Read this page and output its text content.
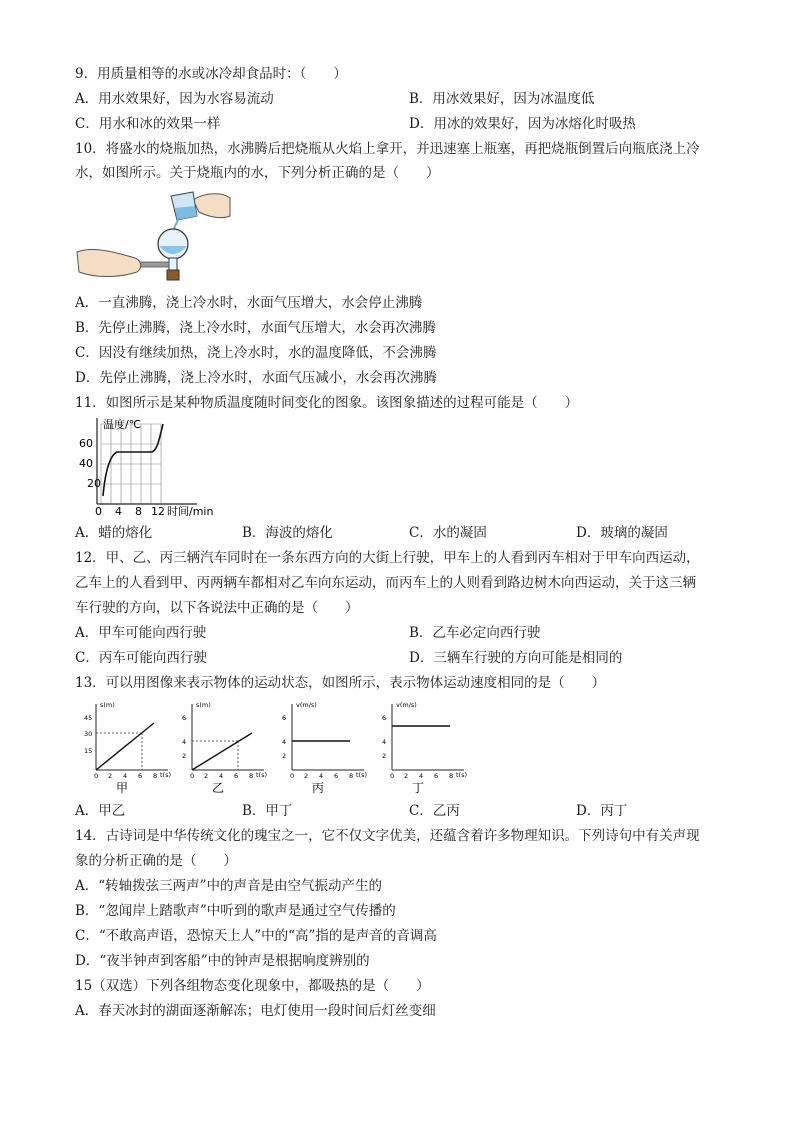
9．用质量相等的水或冰冷却食品时：（　　）
A．用水效果好，因为水容易流动	B．用冰效果好，因为冰温度低
C．用水和冰的效果一样	D．用冰的效果好，因为冰熔化时吸热
10．将盛水的烧瓶加热，水沸腾后把烧瓶从火焰上拿开，并迅速塞上瓶塞，再把烧瓶倒置后向瓶底浇上冷
水，如图所示。关于烧瓶内的水，下列分析正确的是（　　）
A．一直沸腾，浇上冷水时，水面气压增大，水会停止沸腾
B．先停止沸腾，浇上冷水时，水面气压增大，水会再次沸腾
C．因没有继续加热，浇上冷水时，水的温度降低，不会沸腾
D．先停止沸腾，浇上冷水时，水面气压减小，水会再次沸腾
11．如图所示是某种物质温度随时间变化的图象。该图象描述的过程可能是（　　）
温度/℃
60
40
20
0 4 8 12 时间/min
A．蜡的熔化	B．海波的熔化	C．水的凝固	D．玻璃的凝固
12．甲、乙、丙三辆汽车同时在一条东西方向的大街上行驶，甲车上的人看到丙车相对于甲车向西运动，
乙车上的人看到甲、丙两辆车都相对乙车向东运动，而丙车上的人则看到路边树木向西运动，关于这三辆
车行驶的方向，以下各说法中正确的是（　　）
A．甲车可能向西行驶	B．乙车必定向西行驶
C．丙车可能向西行驶	D．三辆车行驶的方向可能是相同的
13．可以用图像来表示物体的运动状态，如图所示，表示物体运动速度相同的是（　　）
s(m)
45
30
15
0 2 4 6 8 t(s)
甲
s(m)
6
4
2
0 2 4 6 8 t(s)
乙
v(m/s)
6
4
2
0 2 4 6 8 t(s)
丙
v(m/s)
6
4
2
0 2 4 6 8 t(s)
丁
A．甲乙	B．甲丁	C．乙丙	D．丙丁
14．古诗词是中华传统文化的瑰宝之一，它不仅文字优美，还蕴含着许多物理知识。下列诗句中有关声现
象的分析正确的是（　　）
A．“转轴拨弦三两声”中的声音是由空气振动产生的
B．“忽闻岸上踏歌声”中听到的歌声是通过空气传播的
C．“不敢高声语，恐惊天上人”中的“高”指的是声音的音调高
D．“夜半钟声到客船”中的钟声是根据响度辨别的
15（双选）下列各组物态变化现象中，都吸热的是（　　）
A．春天冰封的湖面逐渐解冻；电灯使用一段时间后灯丝变细
